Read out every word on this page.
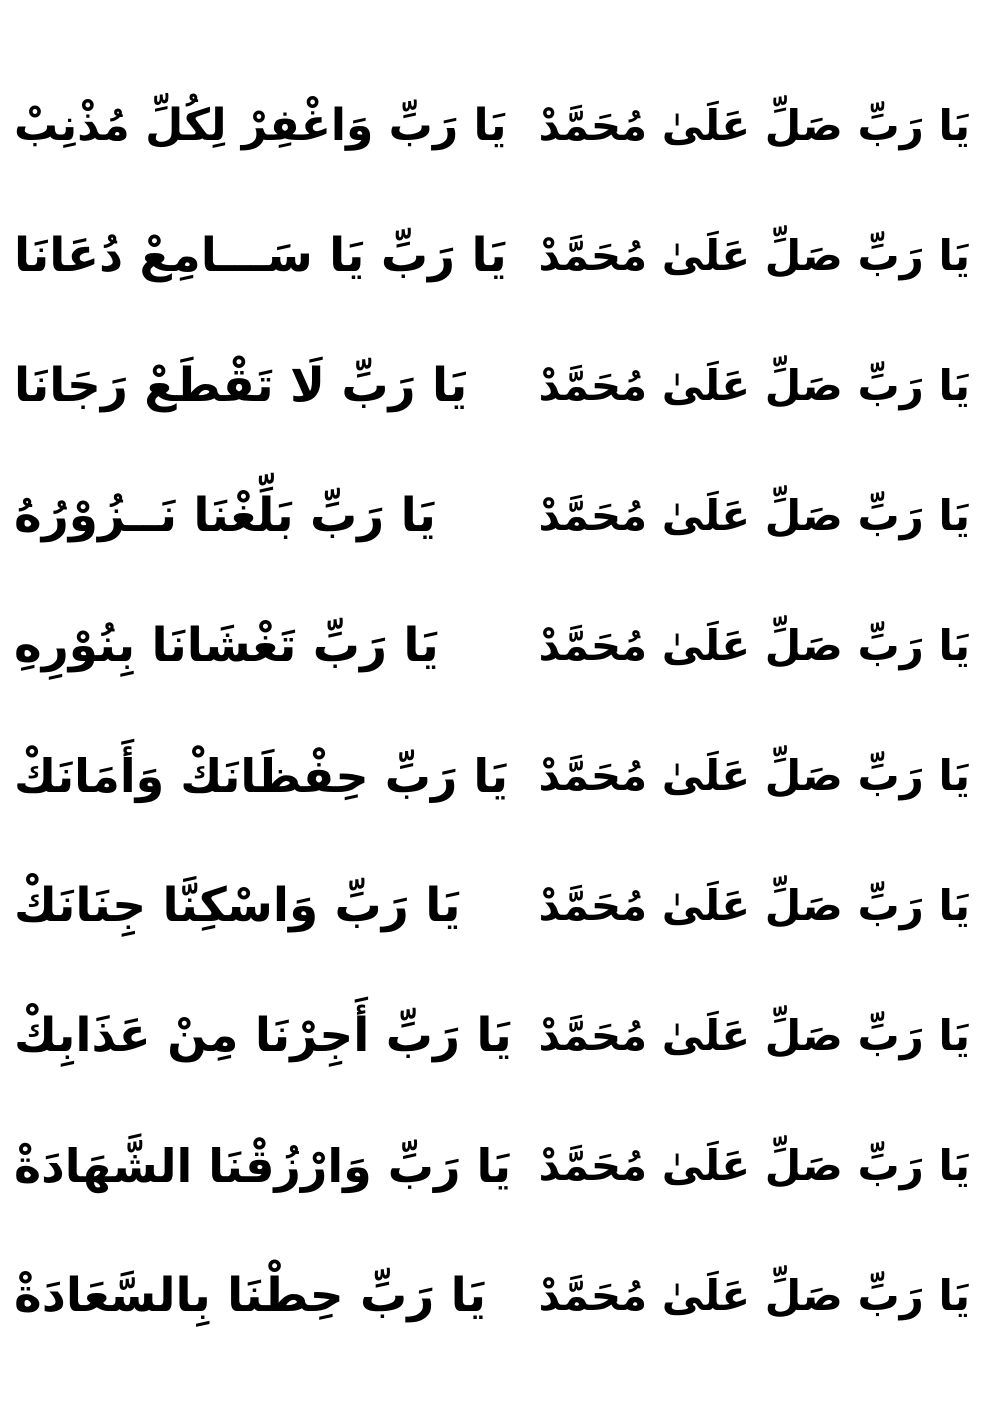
يَا رَبِّ صَلِّ عَلَىٰ مُحَمَّدْ
يَا رَبِّ وَاغْفِرْ لِكُلِّ مُذْنِبْ
يَا رَبِّ صَلِّ عَلَىٰ مُحَمَّدْ
يَا رَبِّ يَا سَـــامِعْ دُعَانَا
يَا رَبِّ صَلِّ عَلَىٰ مُحَمَّدْ
يَا رَبِّ لَا تَقْطَعْ رَجَانَا
يَا رَبِّ صَلِّ عَلَىٰ مُحَمَّدْ
يَا رَبِّ بَلِّغْنَا نَــزُوْرُهُ
يَا رَبِّ صَلِّ عَلَىٰ مُحَمَّدْ
يَا رَبِّ تَغْشَانَا بِنُوْرِهِ
يَا رَبِّ صَلِّ عَلَىٰ مُحَمَّدْ
يَا رَبِّ حِفْظَانَكْ وَأَمَانَكْ
يَا رَبِّ صَلِّ عَلَىٰ مُحَمَّدْ
يَا رَبِّ وَاسْكِنَّا جِنَانَكْ
يَا رَبِّ صَلِّ عَلَىٰ مُحَمَّدْ
يَا رَبِّ أَجِرْنَا مِنْ عَذَابِكْ
يَا رَبِّ صَلِّ عَلَىٰ مُحَمَّدْ
يَا رَبِّ وَارْزُقْنَا الشَّهَادَةْ
يَا رَبِّ صَلِّ عَلَىٰ مُحَمَّدْ
يَا رَبِّ حِطْنَا بِالسَّعَادَةْ
